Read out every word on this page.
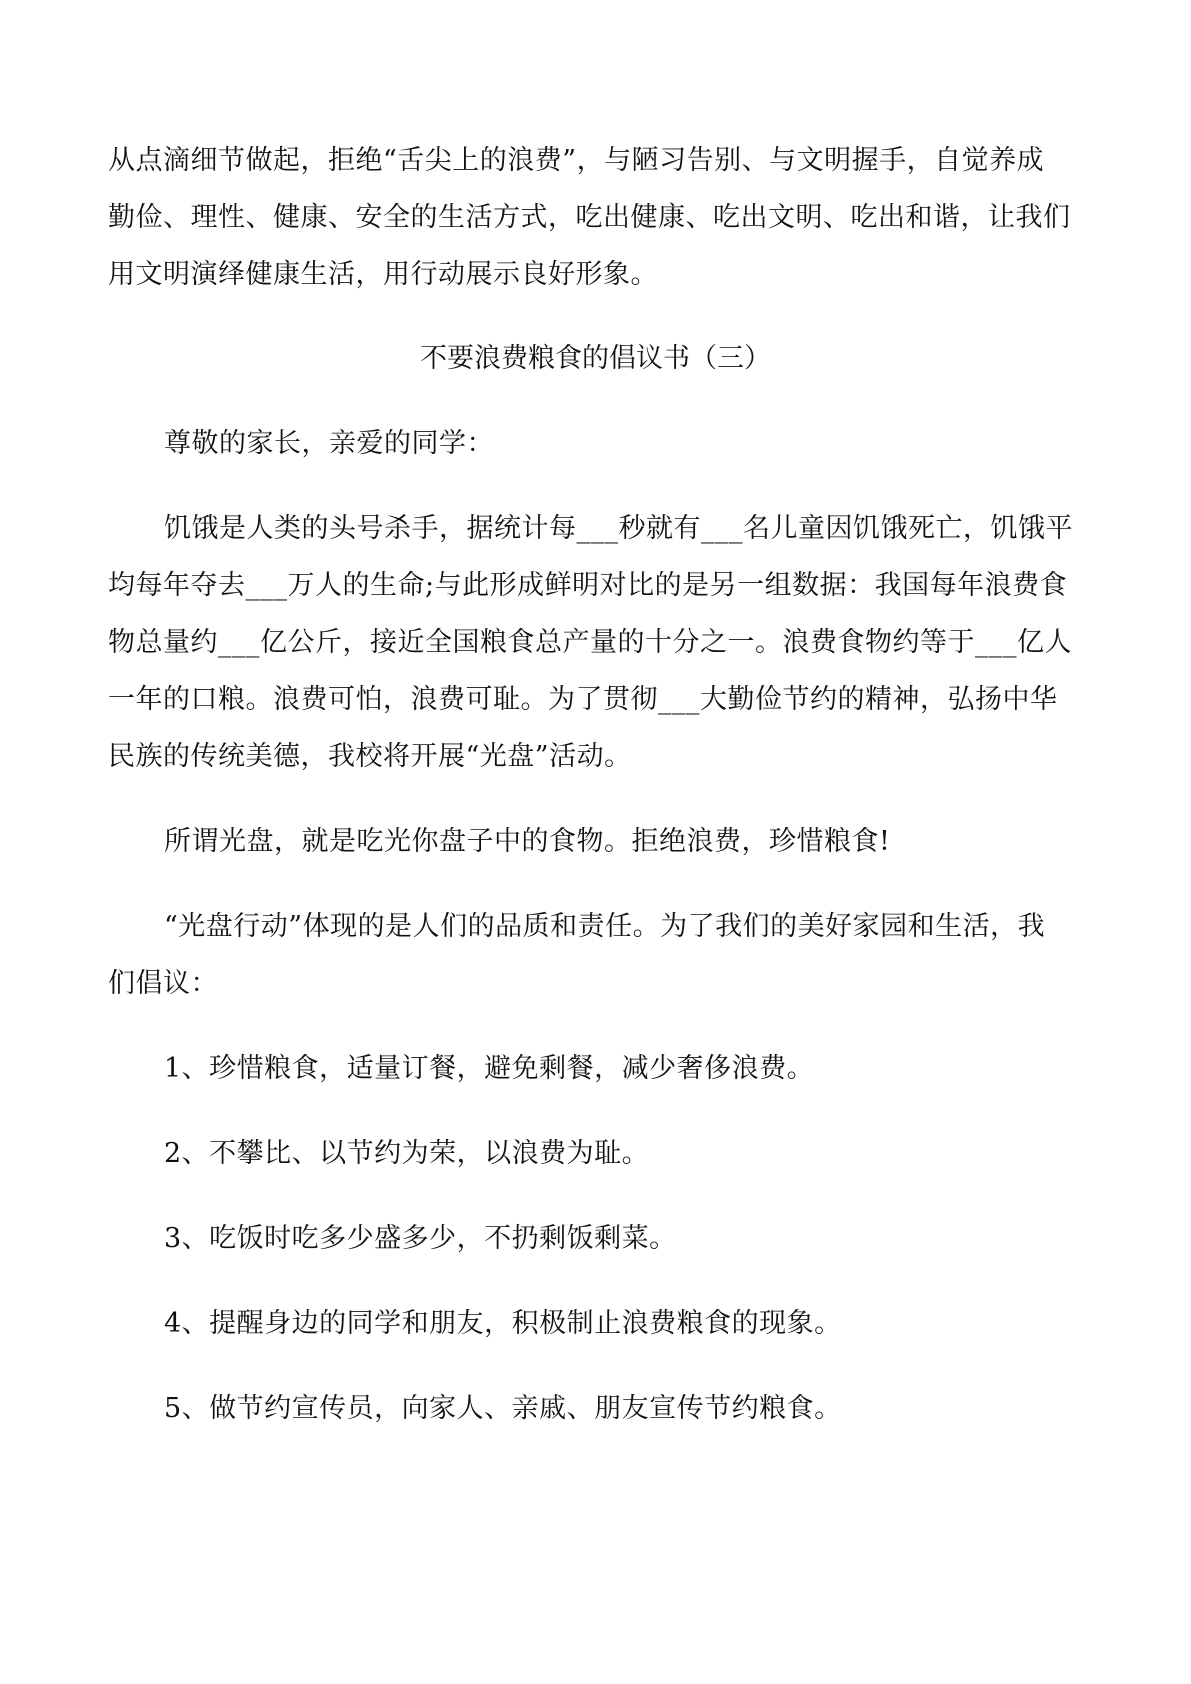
从点滴细节做起，拒绝“舌尖上的浪费”，与陋习告别、与文明握手，自觉养成
勤俭、理性、健康、安全的生活方式，吃出健康、吃出文明、吃出和谐，让我们
用文明演绎健康生活，用行动展示良好形象。
不要浪费粮食的倡议书（三）
尊敬的家长，亲爱的同学：
饥饿是人类的头号杀手，据统计每___秒就有___名儿童因饥饿死亡，饥饿平
均每年夺去___万人的生命;与此形成鲜明对比的是另一组数据：我国每年浪费食
物总量约___亿公斤，接近全国粮食总产量的十分之一。浪费食物约等于___亿人
一年的口粮。浪费可怕，浪费可耻。为了贯彻___大勤俭节约的精神，弘扬中华
民族的传统美德，我校将开展“光盘”活动。
所谓光盘，就是吃光你盘子中的食物。拒绝浪费，珍惜粮食!
“光盘行动”体现的是人们的品质和责任。为了我们的美好家园和生活，我
们倡议：
1、珍惜粮食，适量订餐，避免剩餐，减少奢侈浪费。
2、不攀比、以节约为荣，以浪费为耻。
3、吃饭时吃多少盛多少，不扔剩饭剩菜。
4、提醒身边的同学和朋友，积极制止浪费粮食的现象。
5、做节约宣传员，向家人、亲戚、朋友宣传节约粮食。
